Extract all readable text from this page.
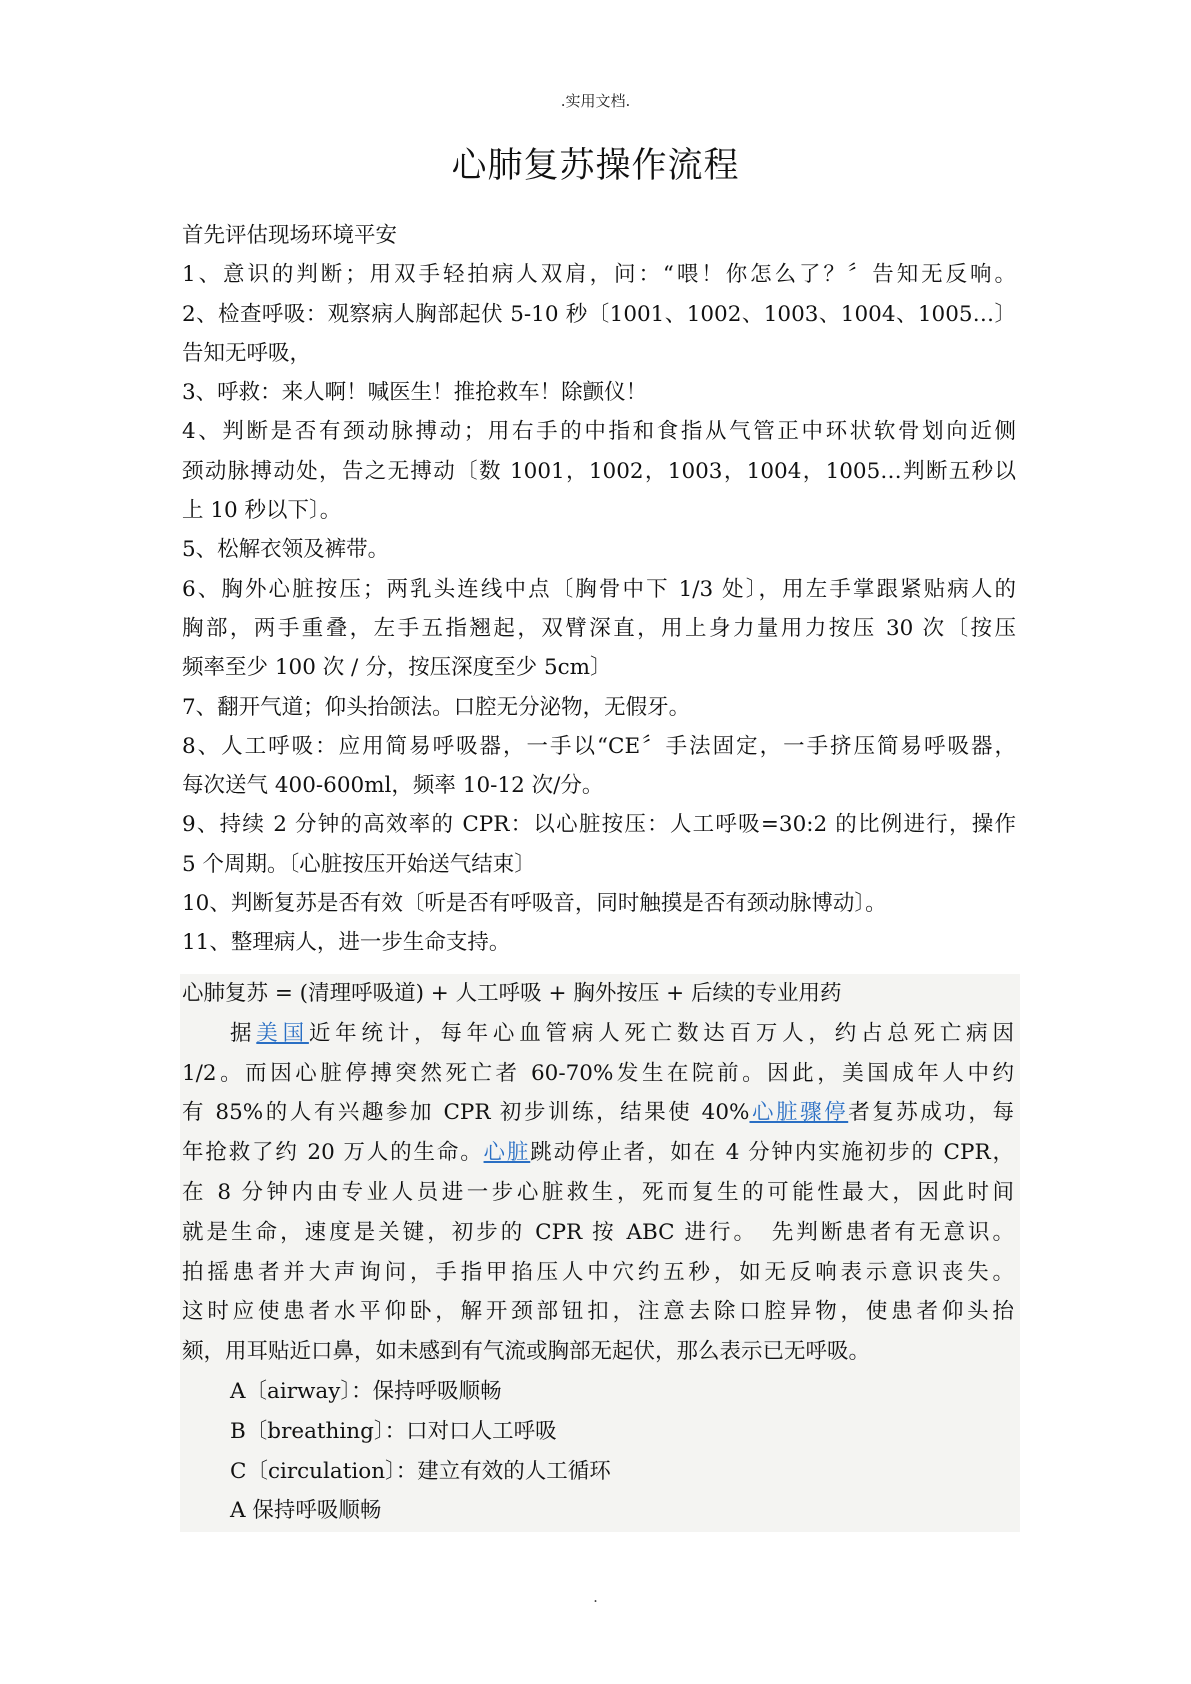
.实用文档.
心肺复苏操作流程

首先评估现场环境平安

1、意识的判断；用双手轻拍病人双肩，问：“喂！你怎么了？〞告知无反响。

2、检查呼吸：观察病人胸部起伏 5-10 秒〔1001、1002、1003、1004、1005…〕

告知无呼吸，

3、呼救：来人啊！喊医生！推抢救车！除颤仪！

4、判断是否有颈动脉搏动；用右手的中指和食指从气管正中环状软骨划向近侧

颈动脉搏动处，告之无搏动〔数 1001，1002，1003，1004，1005…判断五秒以

上 10 秒以下〕。

5、松解衣领及裤带。

6、胸外心脏按压；两乳头连线中点〔胸骨中下 1/3 处〕，用左手掌跟紧贴病人的

胸部，两手重叠，左手五指翘起，双臂深直，用上身力量用力按压 30 次〔按压

频率至少 100 次 / 分，按压深度至少 5cm〕

7、翻开气道；仰头抬颌法。口腔无分泌物，无假牙。

8、人工呼吸：应用简易呼吸器，一手以“CE〞手法固定，一手挤压简易呼吸器，

每次送气 400-600ml，频率 10-12 次/分。

9、持续 2 分钟的高效率的 CPR：以心脏按压：人工呼吸=30:2 的比例进行，操作

5 个周期。〔心脏按压开始送气结束〕

10、判断复苏是否有效〔听是否有呼吸音，同时触摸是否有颈动脉博动〕。

11、整理病人，进一步生命支持。

心肺复苏 = (清理呼吸道) + 人工呼吸 + 胸外按压 + 后续的专业用药

据美国近年统计，每年心血管病人死亡数达百万人，约占总死亡病因

1/2。而因心脏停搏突然死亡者 60-70%发生在院前。因此，美国成年人中约

有 85%的人有兴趣参加 CPR 初步训练，结果使 40%心脏骤停者复苏成功，每

年抢救了约 20 万人的生命。心脏跳动停止者，如在 4 分钟内实施初步的 CPR，

在 8 分钟内由专业人员进一步心脏救生，死而复生的可能性最大，因此时间

就是生命，速度是关键，初步的 CPR 按 ABC 进行。　先判断患者有无意识。

拍摇患者并大声询问，手指甲掐压人中穴约五秒，如无反响表示意识丧失。

这时应使患者水平仰卧，解开颈部钮扣，注意去除口腔异物，使患者仰头抬

颏，用耳贴近口鼻，如未感到有气流或胸部无起伏，那么表示已无呼吸。

A〔airway〕：保持呼吸顺畅

B〔breathing〕：口对口人工呼吸

C〔circulation〕：建立有效的人工循环

A 保持呼吸顺畅

.
